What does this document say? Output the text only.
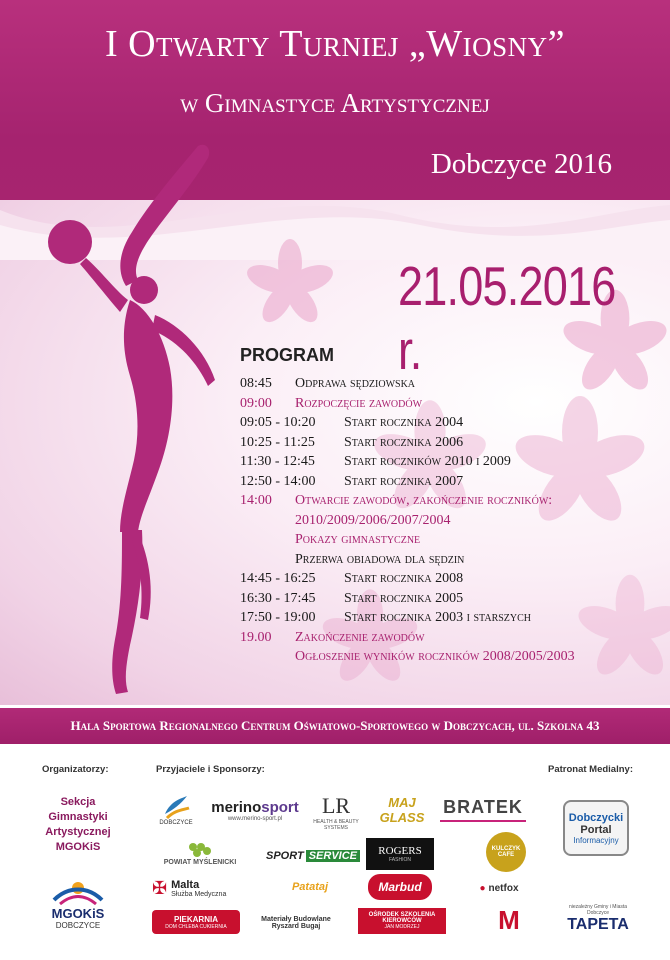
I Otwarty Turniej „Wiosny”
w Gimnastyce Artystycznej
Dobczyce 2016
21.05.2016 r.
PROGRAM
08:45	Odprawa sędziowska
09:00	Rozpoczęcie zawodów
09:05 - 10:20	Start rocznika 2004
10:25 - 11:25	Start rocznika 2006
11:30 - 12:45	Start roczników 2010 i 2009
12:50 - 14:00	Start rocznika 2007
14:00	Otwarcie zawodów, zakończenie roczników:
2010/2009/2006/2007/2004
Pokazy gimnastyczne
Przerwa obiadowa dla sędzin
14:45 - 16:25	Start rocznika 2008
16:30 - 17:45	Start rocznika 2005
17:50 - 19:00	Start rocznika 2003 i starszych
19.00	Zakończenie zawodów
Ogłoszenie wyników roczników 2008/2005/2003
Hala Sportowa Regionalnego Centrum Oświatowo-Sportowego w Dobczycach, ul. Szkolna 43
Organizatorzy:	Przyjaciele i Sponsorzy:	Patronat Medialny:
Sekcja
Gimnastyki
Artystycznej
MGOKiS
MGOKiS
DOBCZYCE
DOBCZYCE
merinosport
www.merino-sport.pl
LR
HEALTH & BEAUTY SYSTEMS
MAJ GLASS
BRATEK
Dobczycki
Portal
Informacyjny
POWIAT MYŚLENICKI	SPORT SERVICE ROGERS
FASHION
KULCZYK CAFE
✠ Malta
Służba Medyczna
Patataj	Marbud	● netfox
PIEKARNIA
DOM CHLEBA CUKIERNIA
Materiały Budowlane
Ryszard Bugaj
OŚRODEK SZKOLENIA
KIEROWCÓW
JAN MODRZEJ	M	niezależny Gminy i Miasta Dobczyce
TAPETA
